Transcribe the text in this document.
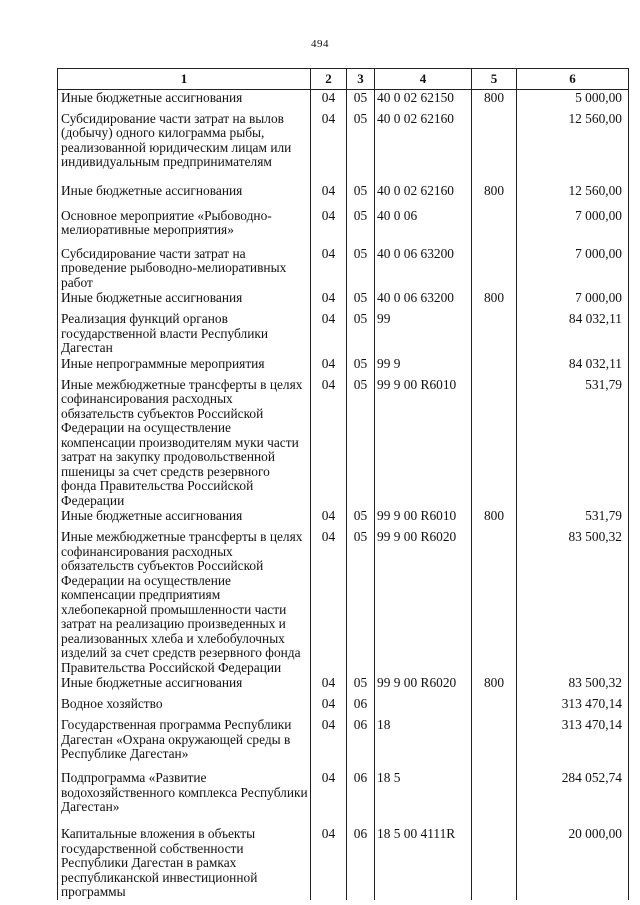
494
1	2	3	4	5	6
Иные бюджетные ассигнования	04	05	40 0 02 62150	800	5 000,00
Субсидирование части затрат на вылов (добычу) одного килограмма рыбы, реализованной юридическим лицам или индивидуальным предпринимателям	04	05	40 0 02 62160		12 560,00
Иные бюджетные ассигнования	04	05	40 0 02 62160	800	12 560,00
Основное мероприятие «Рыбоводно-мелиоративные мероприятия»	04	05	40 0 06		7 000,00
Субсидирование части затрат на проведение рыбоводно-мелиоративных работ	04	05	40 0 06 63200		7 000,00
Иные бюджетные ассигнования	04	05	40 0 06 63200	800	7 000,00
Реализация функций органов государственной власти Республики Дагестан	04	05	99		84 032,11
Иные непрограммные мероприятия	04	05	99 9		84 032,11
Иные межбюджетные трансферты в целях софинансирования расходных обязательств субъектов Российской Федерации на осуществление компенсации производителям муки части затрат на закупку продовольственной пшеницы за счет средств резервного фонда Правительства Российской Федерации	04	05	99 9 00 R6010		531,79
Иные бюджетные ассигнования	04	05	99 9 00 R6010	800	531,79
Иные межбюджетные трансферты в целях софинансирования расходных обязательств субъектов Российской Федерации на осуществление компенсации предприятиям хлебопекарной промышленности части затрат на реализацию произведенных и реализованных хлеба и хлебобулочных изделий за счет средств резервного фонда Правительства Российской Федерации	04	05	99 9 00 R6020		83 500,32
Иные бюджетные ассигнования	04	05	99 9 00 R6020	800	83 500,32
Водное хозяйство	04	06			313 470,14
Государственная программа Республики Дагестан «Охрана окружающей среды в Республике Дагестан»	04	06	18		313 470,14
Подпрограмма «Развитие водохозяйственного комплекса Республики Дагестан»	04	06	18 5		284 052,74
Капитальные вложения в объекты государственной собственности Республики Дагестан в рамках республиканской инвестиционной программы	04	06	18 5 00 4111R		20 000,00
